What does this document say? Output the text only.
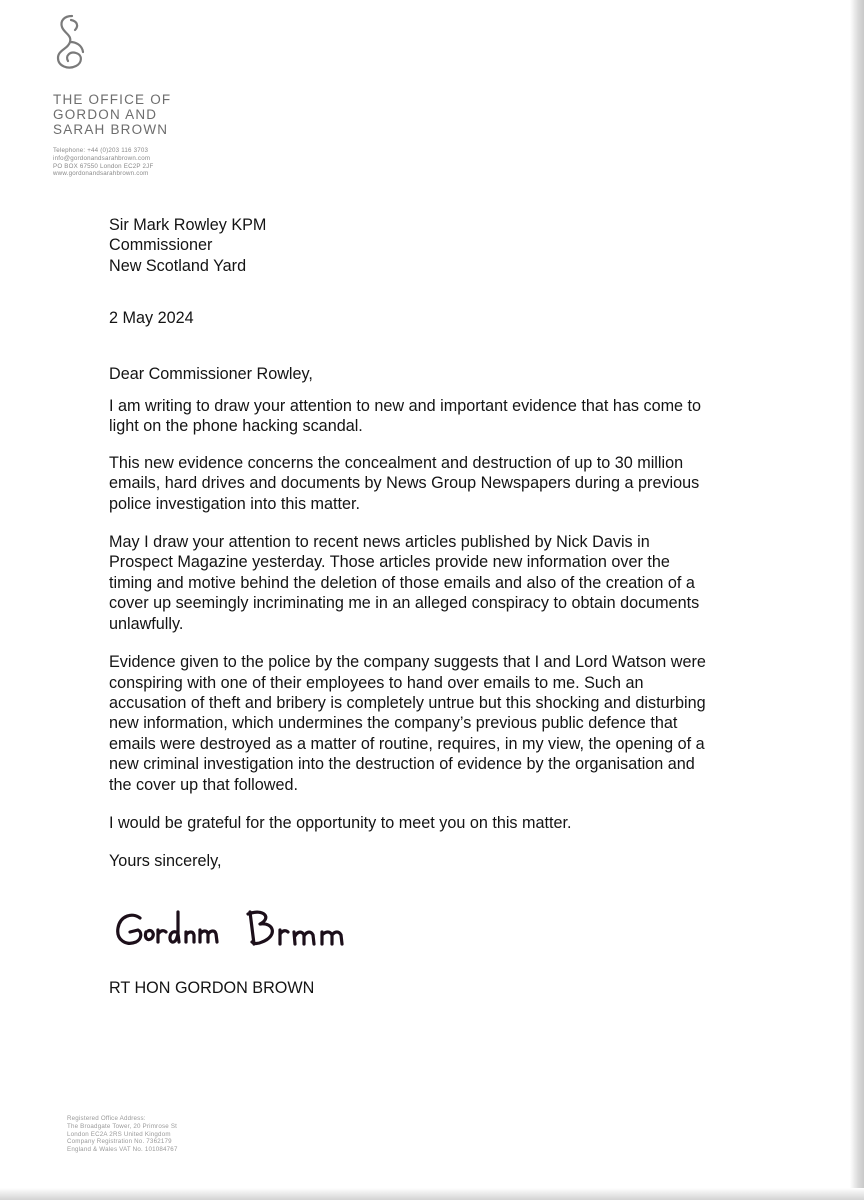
THE OFFICE OF
GORDON AND
SARAH BROWN
Telephone: +44 (0)203 116 3703
info@gordonandsarahbrown.com
PO BOX 67550 London EC2P 2JF
www.gordonandsarahbrown.com
Sir Mark Rowley KPM
Commissioner
New Scotland Yard
2 May 2024
Dear Commissioner Rowley,
I am writing to draw your attention to new and important evidence that has come to
light on the phone hacking scandal.
This new evidence concerns the concealment and destruction of up to 30 million
emails, hard drives and documents by News Group Newspapers during a previous
police investigation into this matter.
May I draw your attention to recent news articles published by Nick Davis in
Prospect Magazine yesterday. Those articles provide new information over the
timing and motive behind the deletion of those emails and also of the creation of a
cover up seemingly incriminating me in an alleged conspiracy to obtain documents
unlawfully.
Evidence given to the police by the company suggests that I and Lord Watson were
conspiring with one of their employees to hand over emails to me. Such an
accusation of theft and bribery is completely untrue but this shocking and disturbing
new information, which undermines the company’s previous public defence that
emails were destroyed as a matter of routine, requires, in my view, the opening of a
new criminal investigation into the destruction of evidence by the organisation and
the cover up that followed.
I would be grateful for the opportunity to meet you on this matter.
Yours sincerely,
RT HON GORDON BROWN
Registered Office Address:
The Broadgate Tower, 20 Primrose St
London EC2A 2RS United Kingdom
Company Registration No. 7362179
England & Wales VAT No. 101084767
